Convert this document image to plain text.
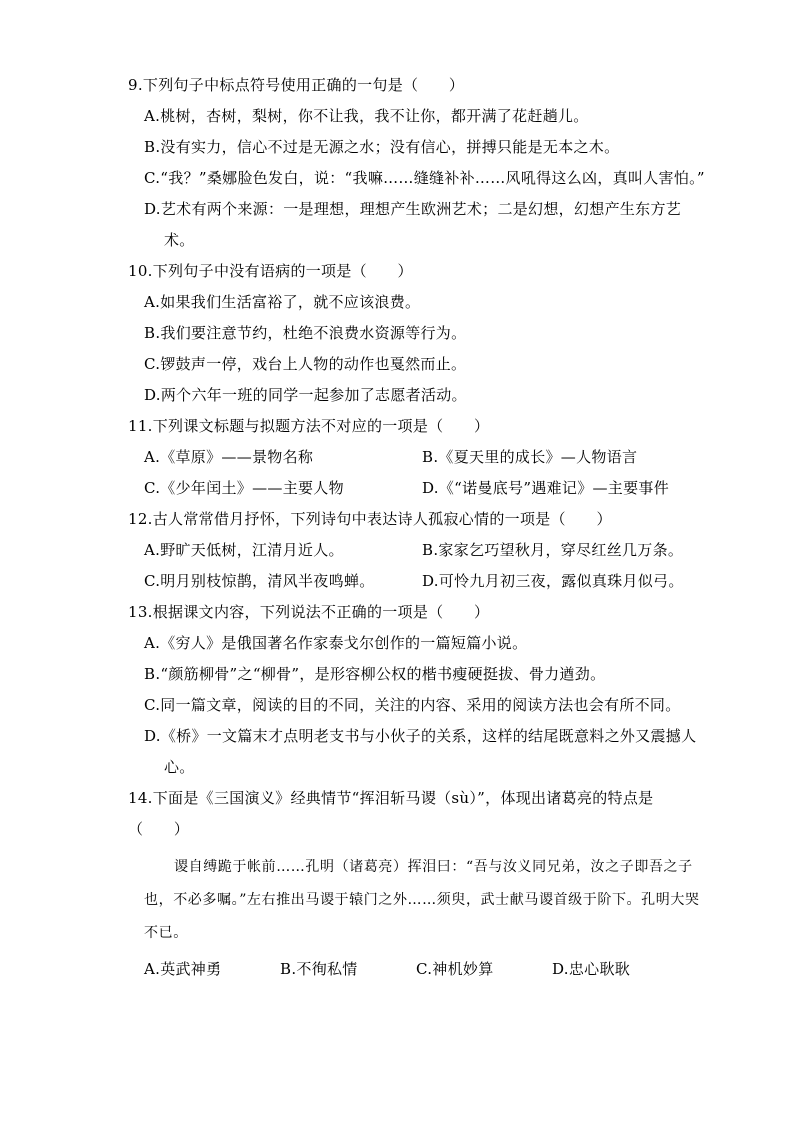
9.下列句子中标点符号使用正确的一句是（　　）

A.桃树，杏树，梨树，你不让我，我不让你，都开满了花赶趟儿。

B.没有实力，信心不过是无源之水；没有信心，拼搏只能是无本之木。

C.“我？”桑娜脸色发白，说：“我嘛……缝缝补补……风吼得这么凶，真叫人害怕。”

D.艺术有两个来源：一是理想，理想产生欧洲艺术；二是幻想，幻想产生东方艺术。

10.下列句子中没有语病的一项是（　　）

A.如果我们生活富裕了，就不应该浪费。

B.我们要注意节约，杜绝不浪费水资源等行为。

C.锣鼓声一停，戏台上人物的动作也戛然而止。

D.两个六年一班的同学一起参加了志愿者活动。

11.下列课文标题与拟题方法不对应的一项是（　　）

A.《草原》——景物名称	B.《夏天里的成长》—人物语言
C.《少年闰土》——主要人物	D.《“诺曼底号”遇难记》—主要事件

12.古人常常借月抒怀，下列诗句中表达诗人孤寂心情的一项是（　　）

A.野旷天低树，江清月近人。	B.家家乞巧望秋月，穿尽红丝几万条。
C.明月别枝惊鹊，清风半夜鸣蝉。	D.可怜九月初三夜，露似真珠月似弓。

13.根据课文内容，下列说法不正确的一项是（　　）

A.《穷人》是俄国著名作家泰戈尔创作的一篇短篇小说。

B.“颜筋柳骨”之“柳骨”，是形容柳公权的楷书瘦硬挺拔、骨力遒劲。

C.同一篇文章，阅读的目的不同，关注的内容、采用的阅读方法也会有所不同。

D.《桥》一文篇末才点明老支书与小伙子的关系，这样的结尾既意料之外又震撼人心。

14.下面是《三国演义》经典情节“挥泪斩马谡（sù）”，体现出诸葛亮的特点是（　　）

谡自缚跪于帐前……孔明（诸葛亮）挥泪曰：“吾与汝义同兄弟，汝之子即吾之子也，不必多嘱。”左右推出马谡于辕门之外……须臾，武士献马谡首级于阶下。孔明大哭不已。

A.英武神勇	B.不徇私情	C.神机妙算	D.忠心耿耿
